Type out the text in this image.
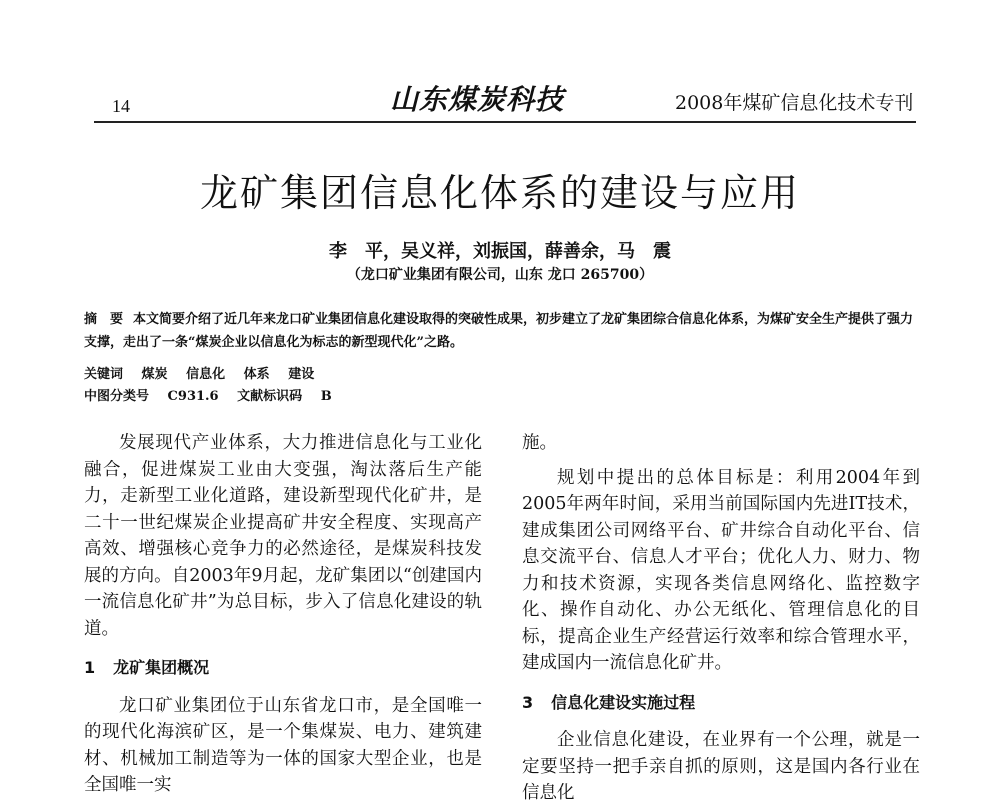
14	山东煤炭科技	2008年煤矿信息化技术专刊
龙矿集团信息化体系的建设与应用
李　平，吴义祥，刘振国，薛善余，马　震
（龙口矿业集团有限公司，山东 龙口 265700）
摘　要 本文简要介绍了近几年来龙口矿业集团信息化建设取得的突破性成果，初步建立了龙矿集团综合信息化体系，为煤矿安全生产提供了强力支撑，走出了一条“煤炭企业以信息化为标志的新型现代化”之路。
关键词 煤炭 信息化 体系 建设
中图分类号 C931.6 文献标识码 B

发展现代产业体系，大力推进信息化与工业化融合，促进煤炭工业由大变强，淘汰落后生产能力，走新型工业化道路，建设新型现代化矿井，是二十一世纪煤炭企业提高矿井安全程度、实现高产高效、增强核心竞争力的必然途径，是煤炭科技发展的方向。自2003年9月起，龙矿集团以“创建国内一流信息化矿井”为总目标，步入了信息化建设的轨道。

1 龙矿集团概况

龙口矿业集团位于山东省龙口市，是全国唯一的现代化海滨矿区，是一个集煤炭、电力、建筑建材、机械加工制造等为一体的国家大型企业，也是全国唯一实

施。

规划中提出的总体目标是：利用2004年到2005年两年时间，采用当前国际国内先进IT技术，建成集团公司网络平台、矿井综合自动化平台、信息交流平台、信息人才平台；优化人力、财力、物力和技术资源，实现各类信息网络化、监控数字化、操作自动化、办公无纸化、管理信息化的目标，提高企业生产经营运行效率和综合管理水平，建成国内一流信息化矿井。

3 信息化建设实施过程

企业信息化建设，在业界有一个公理，就是一定要坚持一把手亲自抓的原则，这是国内各行业在信息化
